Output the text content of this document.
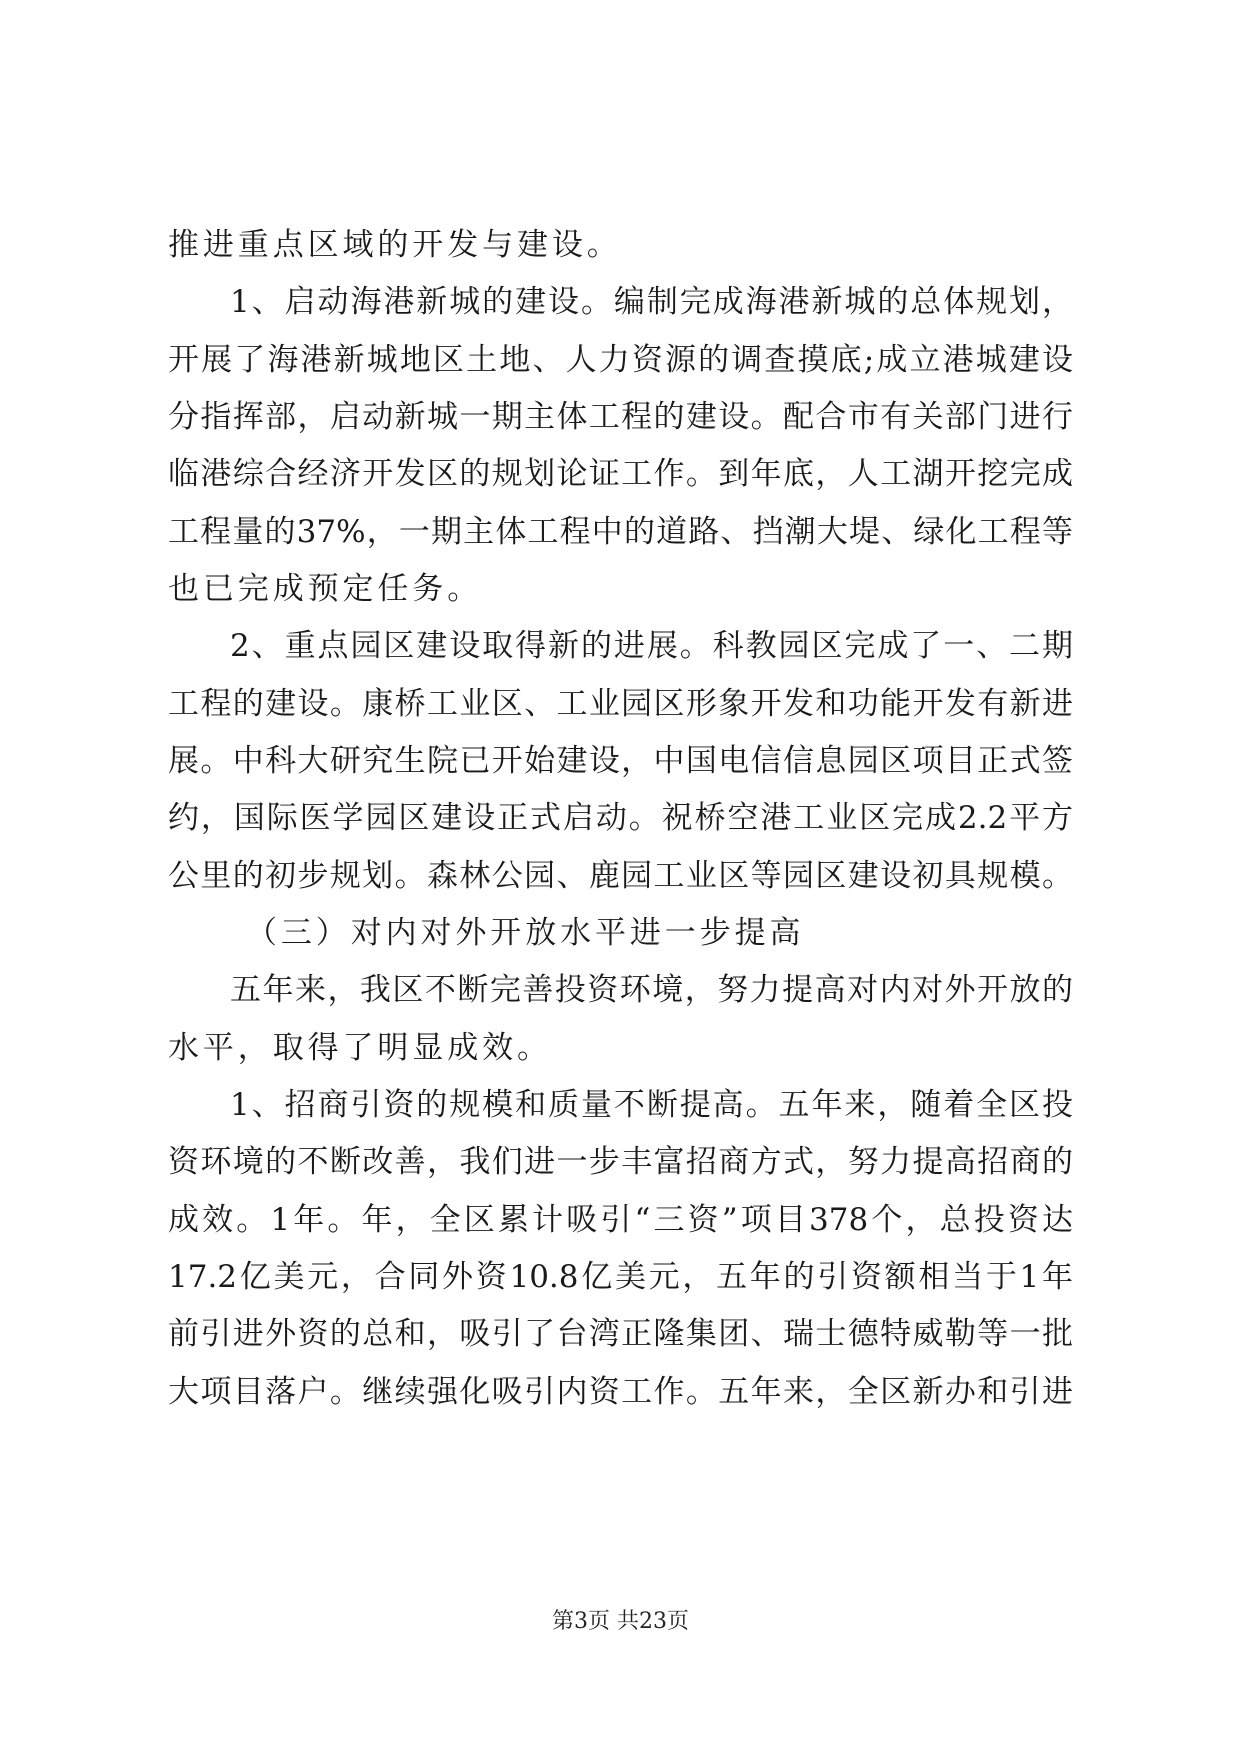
推进重点区域的开发与建设。
1、启动海港新城的建设。编制完成海港新城的总体规划，
开展了海港新城地区土地、人力资源的调查摸底;成立港城建设
分指挥部，启动新城一期主体工程的建设。配合市有关部门进行
临港综合经济开发区的规划论证工作。到年底，人工湖开挖完成
工程量的37%，一期主体工程中的道路、挡潮大堤、绿化工程等
也已完成预定任务。
2、重点园区建设取得新的进展。科教园区完成了一、二期
工程的建设。康桥工业区、工业园区形象开发和功能开发有新进
展。中科大研究生院已开始建设，中国电信信息园区项目正式签
约，国际医学园区建设正式启动。祝桥空港工业区完成2.2平方
公里的初步规划。森林公园、鹿园工业区等园区建设初具规模。
（三）对内对外开放水平进一步提高
五年来，我区不断完善投资环境，努力提高对内对外开放的
水平，取得了明显成效。
1、招商引资的规模和质量不断提高。五年来，随着全区投
资环境的不断改善，我们进一步丰富招商方式，努力提高招商的
成效。1年。年，全区累计吸引“三资”项目378个，总投资达
17.2亿美元，合同外资10.8亿美元，五年的引资额相当于1年
前引进外资的总和，吸引了台湾正隆集团、瑞士德特威勒等一批
大项目落户。继续强化吸引内资工作。五年来，全区新办和引进
第3页 共23页
